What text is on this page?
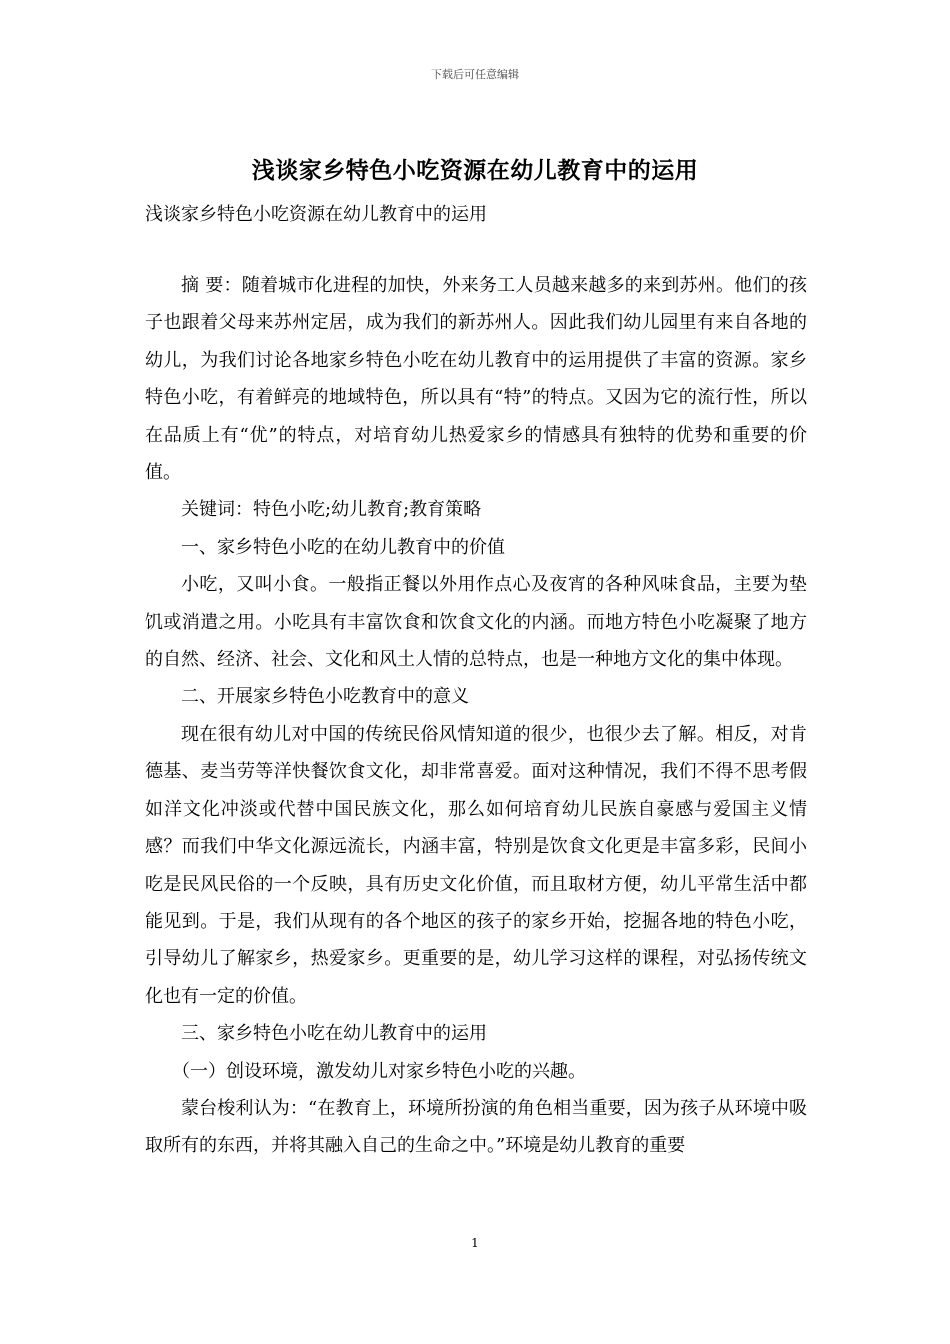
下载后可任意编辑
浅谈家乡特色小吃资源在幼儿教育中的运用
浅谈家乡特色小吃资源在幼儿教育中的运用

摘 要：随着城市化进程的加快，外来务工人员越来越多的来到苏州。他们的孩子也跟着父母来苏州定居，成为我们的新苏州人。因此我们幼儿园里有来自各地的幼儿，为我们讨论各地家乡特色小吃在幼儿教育中的运用提供了丰富的资源。家乡特色小吃，有着鲜亮的地域特色，所以具有“特”的特点。又因为它的流行性，所以在品质上有“优”的特点，对培育幼儿热爱家乡的情感具有独特的优势和重要的价值。

关键词：特色小吃;幼儿教育;教育策略

一、家乡特色小吃的在幼儿教育中的价值

小吃，又叫小食。一般指正餐以外用作点心及夜宵的各种风味食品，主要为垫饥或消遣之用。小吃具有丰富饮食和饮食文化的内涵。而地方特色小吃凝聚了地方的自然、经济、社会、文化和风土人情的总特点，也是一种地方文化的集中体现。

二、开展家乡特色小吃教育中的意义

现在很有幼儿对中国的传统民俗风情知道的很少，也很少去了解。相反，对肯德基、麦当劳等洋快餐饮食文化，却非常喜爱。面对这种情况，我们不得不思考假如洋文化冲淡或代替中国民族文化，那么如何培育幼儿民族自豪感与爱国主义情感？而我们中华文化源远流长，内涵丰富，特别是饮食文化更是丰富多彩，民间小吃是民风民俗的一个反映，具有历史文化价值，而且取材方便，幼儿平常生活中都能见到。于是，我们从现有的各个地区的孩子的家乡开始，挖掘各地的特色小吃，引导幼儿了解家乡，热爱家乡。更重要的是，幼儿学习这样的课程，对弘扬传统文化也有一定的价值。

三、家乡特色小吃在幼儿教育中的运用

（一）创设环境，激发幼儿对家乡特色小吃的兴趣。

蒙台梭利认为：“在教育上，环境所扮演的角色相当重要，因为孩子从环境中吸取所有的东西，并将其融入自己的生命之中。”环境是幼儿教育的重要

1
